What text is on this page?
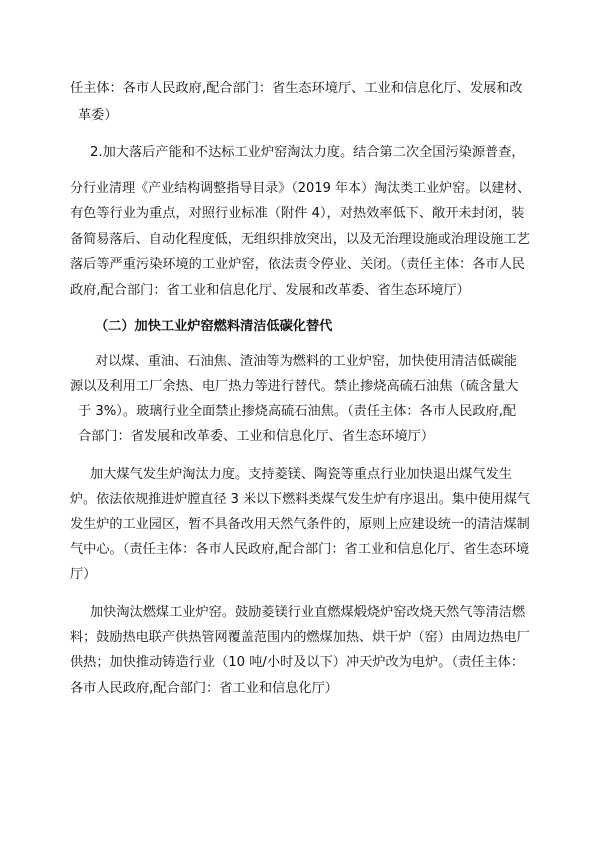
任主体：各市人民政府,配合部门：省生态环境厅、工业和信息化厅、发展和改
革委）
2.加大落后产能和不达标工业炉窑淘汰力度。结合第二次全国污染源普查，
分行业清理《产业结构调整指导目录》（2019 年本）淘汰类工业炉窑。以建材、
有色等行业为重点，对照行业标准（附件 4），对热效率低下、敞开未封闭，装
备简易落后、自动化程度低，无组织排放突出，以及无治理设施或治理设施工艺
落后等严重污染环境的工业炉窑，依法责令停业、关闭。（责任主体：各市人民
政府,配合部门：省工业和信息化厅、发展和改革委、省生态环境厅）
（二）加快工业炉窑燃料清洁低碳化替代
对以煤、重油、石油焦、渣油等为燃料的工业炉窑，加快使用清洁低碳能
源以及利用工厂余热、电厂热力等进行替代。禁止掺烧高硫石油焦（硫含量大
于 3%）。玻璃行业全面禁止掺烧高硫石油焦。（责任主体：各市人民政府,配
合部门：省发展和改革委、工业和信息化厅、省生态环境厅）
加大煤气发生炉淘汰力度。支持菱镁、陶瓷等重点行业加快退出煤气发生
炉。依法依规推进炉膛直径 3 米以下燃料类煤气发生炉有序退出。集中使用煤气
发生炉的工业园区，暂不具备改用天然气条件的，原则上应建设统一的清洁煤制
气中心。（责任主体：各市人民政府,配合部门：省工业和信息化厅、省生态环境
厅）
加快淘汰燃煤工业炉窑。鼓励菱镁行业直燃煤煅烧炉窑改烧天然气等清洁燃
料；鼓励热电联产供热管网覆盖范围内的燃煤加热、烘干炉（窑）由周边热电厂
供热；加快推动铸造行业（10 吨/小时及以下）冲天炉改为电炉。（责任主体：
各市人民政府,配合部门：省工业和信息化厅）
